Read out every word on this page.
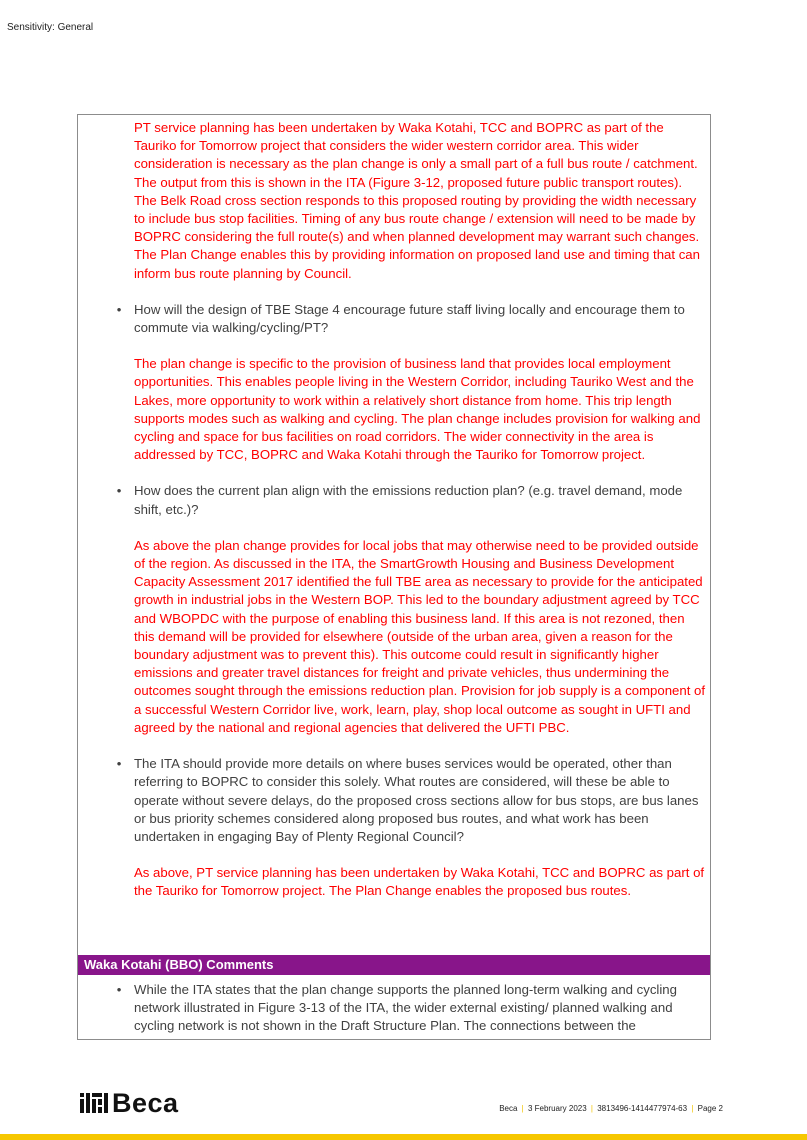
Sensitivity: General

PT service planning has been undertaken by Waka Kotahi, TCC and BOPRC as part of the Tauriko for Tomorrow project that considers the wider western corridor area. This wider consideration is necessary as the plan change is only a small part of a full bus route / catchment. The output from this is shown in the ITA (Figure 3-12, proposed future public transport routes). The Belk Road cross section responds to this proposed routing by providing the width necessary to include bus stop facilities. Timing of any bus route change / extension will need to be made by BOPRC considering the full route(s) and when planned development may warrant such changes. The Plan Change enables this by providing information on proposed land use and timing that can inform bus route planning by Council.

• How will the design of TBE Stage 4 encourage future staff living locally and encourage them to commute via walking/cycling/PT?

The plan change is specific to the provision of business land that provides local employment opportunities. This enables people living in the Western Corridor, including Tauriko West and the Lakes, more opportunity to work within a relatively short distance from home. This trip length supports modes such as walking and cycling. The plan change includes provision for walking and cycling and space for bus facilities on road corridors. The wider connectivity in the area is addressed by TCC, BOPRC and Waka Kotahi through the Tauriko for Tomorrow project.

• How does the current plan align with the emissions reduction plan? (e.g. travel demand, mode shift, etc.)?

As above the plan change provides for local jobs that may otherwise need to be provided outside of the region. As discussed in the ITA, the SmartGrowth Housing and Business Development Capacity Assessment 2017 identified the full TBE area as necessary to provide for the anticipated growth in industrial jobs in the Western BOP. This led to the boundary adjustment agreed by TCC and WBOPDC with the purpose of enabling this business land. If this area is not rezoned, then this demand will be provided for elsewhere (outside of the urban area, given a reason for the boundary adjustment was to prevent this). This outcome could result in significantly higher emissions and greater travel distances for freight and private vehicles, thus undermining the outcomes sought through the emissions reduction plan. Provision for job supply is a component of a successful Western Corridor live, work, learn, play, shop local outcome as sought in UFTI and agreed by the national and regional agencies that delivered the UFTI PBC.

• The ITA should provide more details on where buses services would be operated, other than referring to BOPRC to consider this solely. What routes are considered, will these be able to operate without severe delays, do the proposed cross sections allow for bus stops, are bus lanes or bus priority schemes considered along proposed bus routes, and what work has been undertaken in engaging Bay of Plenty Regional Council?

As above, PT service planning has been undertaken by Waka Kotahi, TCC and BOPRC as part of the Tauriko for Tomorrow project. The Plan Change enables the proposed bus routes.

Waka Kotahi (BBO) Comments
• While the ITA states that the plan change supports the planned long-term walking and cycling network illustrated in Figure 3-13 of the ITA, the wider external existing/ planned walking and cycling network is not shown in the Draft Structure Plan. The connections between the

Beca	Beca | 3 February 2023 | 3813496-1414477974-63 | Page 2
